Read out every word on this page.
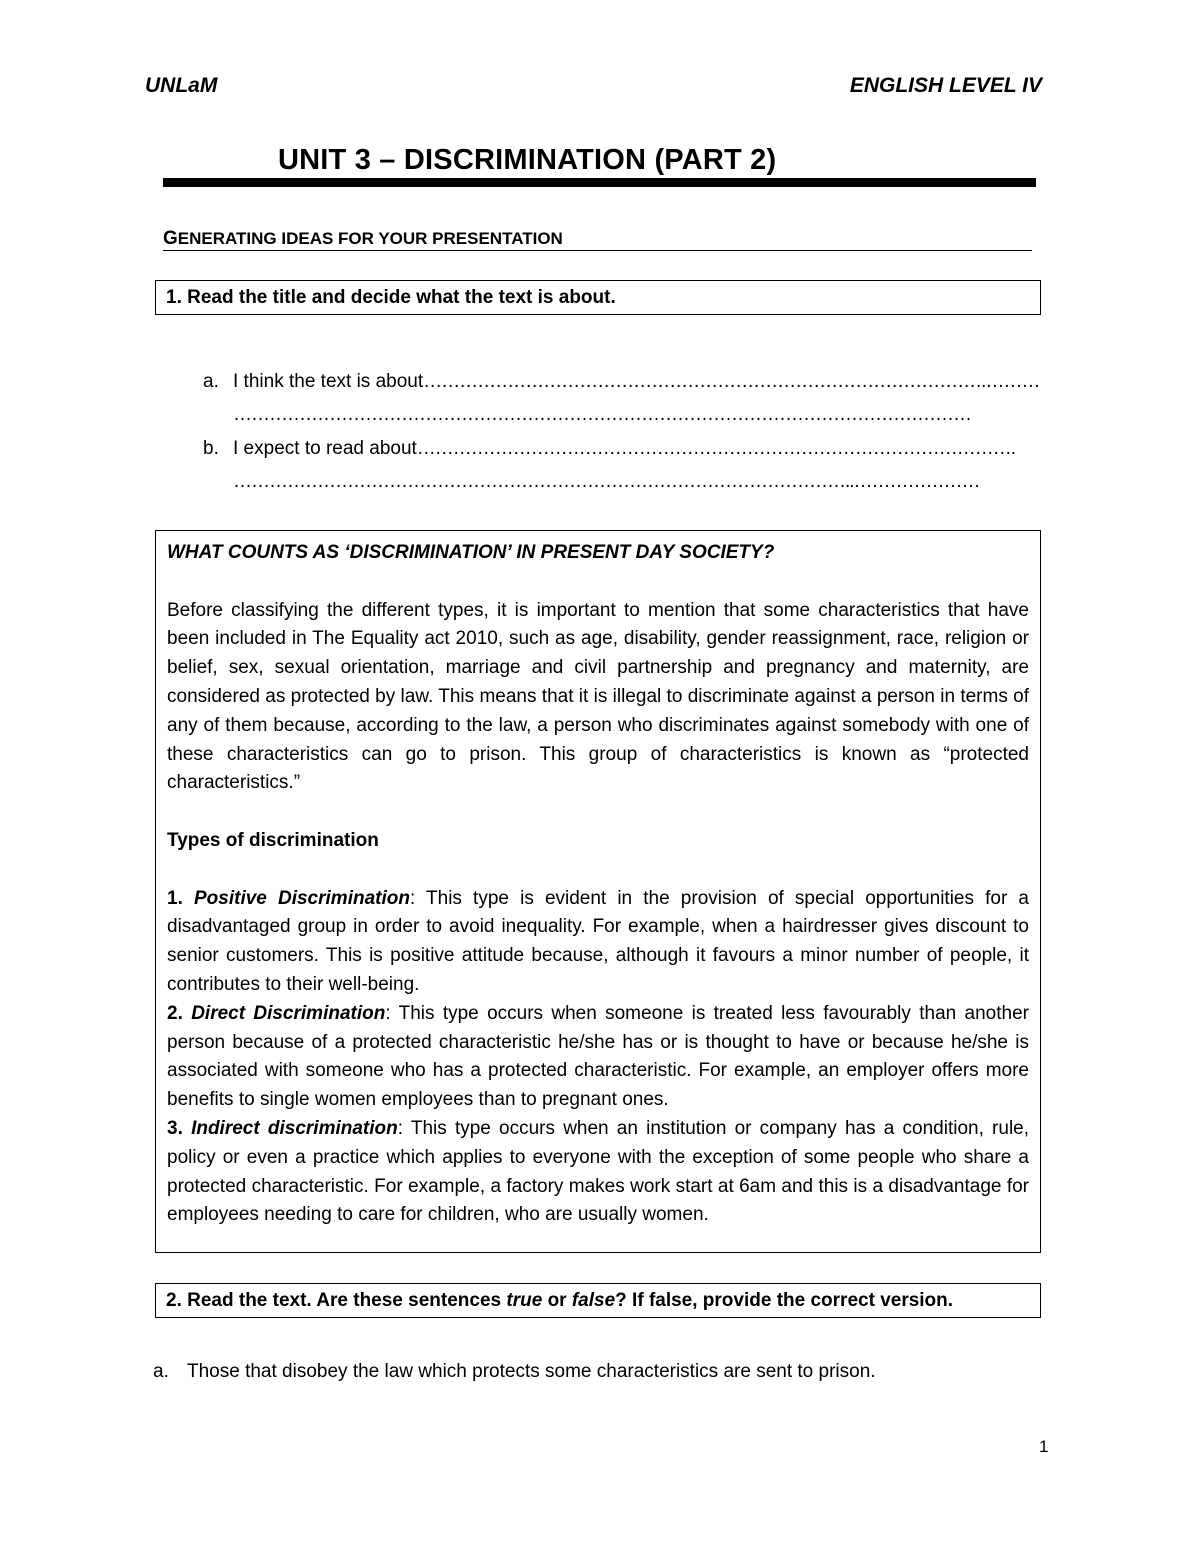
UNLaM	ENGLISH LEVEL IV
UNIT 3 – DISCRIMINATION (PART 2)
GENERATING IDEAS FOR YOUR PRESENTATION
1. Read the title and decide what the text is about.
a. I think the text is about………………………………………………………………………………….………
……………………………………………………………………………………………………………
b. I expect to read about……………………………………………………………………………………….
…………………………………………………………………………………………..…………………

WHAT COUNTS AS ‘DISCRIMINATION’ IN PRESENT DAY SOCIETY?

Before classifying the different types, it is important to mention that some characteristics that have been included in The Equality act 2010, such as age, disability, gender reassignment, race, religion or belief, sex, sexual orientation, marriage and civil partnership and pregnancy and maternity, are considered as protected by law. This means that it is illegal to discriminate against a person in terms of any of them because, according to the law, a person who discriminates against somebody with one of these characteristics can go to prison. This group of characteristics is known as “protected characteristics.”

Types of discrimination

1. Positive Discrimination: This type is evident in the provision of special opportunities for a disadvantaged group in order to avoid inequality. For example, when a hairdresser gives discount to senior customers. This is positive attitude because, although it favours a minor number of people, it contributes to their well-being.

2. Direct Discrimination: This type occurs when someone is treated less favourably than another person because of a protected characteristic he/she has or is thought to have or because he/she is associated with someone who has a protected characteristic. For example, an employer offers more benefits to single women employees than to pregnant ones.

3. Indirect discrimination: This type occurs when an institution or company has a condition, rule, policy or even a practice which applies to everyone with the exception of some people who share a protected characteristic. For example, a factory makes work start at 6am and this is a disadvantage for employees needing to care for children, who are usually women.

2. Read the text. Are these sentences true or false? If false, provide the correct version.
a. Those that disobey the law which protects some characteristics are sent to prison.
1
